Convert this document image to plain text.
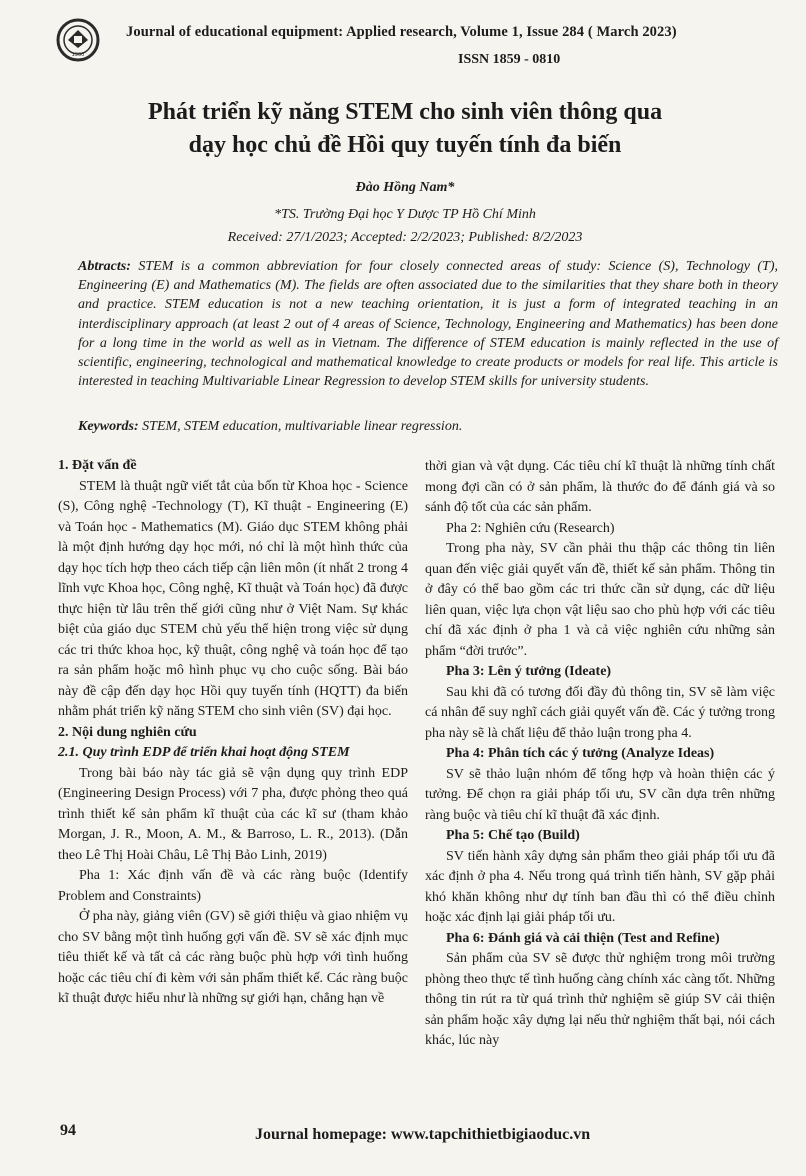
1900
Journal of educational equipment: Applied research, Volume 1, Issue 284 ( March 2023)
ISSN 1859 - 0810
Phát triển kỹ năng STEM cho sinh viên thông qua
dạy học chủ đề Hồi quy tuyến tính đa biến
Đào Hồng Nam*
*TS. Trường Đại học Y Dược TP Hồ Chí Minh
Received: 27/1/2023; Accepted: 2/2/2023; Published: 8/2/2023
Abtracts: STEM is a common abbreviation for four closely connected areas of study: Science (S), Technology (T), Engineering (E) and Mathematics (M). The fields are often associated due to the similarities that they share both in theory and practice. STEM education is not a new teaching orientation, it is just a form of integrated teaching in an interdisciplinary approach (at least 2 out of 4 areas of Science, Technology, Engineering and Mathematics) has been done for a long time in the world as well as in Vietnam. The difference of STEM education is mainly reflected in the use of scientific, engineering, technological and mathematical knowledge to create products or models for real life. This article is interested in teaching Multivariable Linear Regression to develop STEM skills for university students.
Keywords: STEM, STEM education, multivariable linear regression.

1. Đặt vấn đề

STEM là thuật ngữ viết tắt của bốn từ Khoa học - Science (S), Công nghệ -Technology (T), Kĩ thuật - Engineering (E) và Toán học - Mathematics (M). Giáo dục STEM không phải là một định hướng dạy học mới, nó chỉ là một hình thức của dạy học tích hợp theo cách tiếp cận liên môn (ít nhất 2 trong 4 lĩnh vực Khoa học, Công nghệ, Kĩ thuật và Toán học) đã được thực hiện từ lâu trên thế giới cũng như ở Việt Nam. Sự khác biệt của giáo dục STEM chủ yếu thể hiện trong việc sử dụng các tri thức khoa học, kỹ thuật, công nghệ và toán học để tạo ra sản phẩm hoặc mô hình phục vụ cho cuộc sống. Bài báo này đề cập đến dạy học Hồi quy tuyến tính (HQTT) đa biến nhằm phát triển kỹ năng STEM cho sinh viên (SV) đại học.

2. Nội dung nghiên cứu

2.1. Quy trình EDP để triển khai hoạt động STEM

Trong bài báo này tác giả sẽ vận dụng quy trình EDP (Engineering Design Process) với 7 pha, được phỏng theo quá trình thiết kế sản phẩm kĩ thuật của các kĩ sư (tham khảo Morgan, J. R., Moon, A. M., & Barroso, L. R., 2013). (Dẫn theo Lê Thị Hoài Châu, Lê Thị Bảo Linh, 2019)

Pha 1: Xác định vấn đề và các ràng buộc (Identify Problem and Constraints)

Ở pha này, giảng viên (GV) sẽ giới thiệu và giao nhiệm vụ cho SV bằng một tình huống gợi vấn đề. SV sẽ xác định mục tiêu thiết kế và tất cả các ràng buộc phù hợp với tình huống hoặc các tiêu chí đi kèm với sản phẩm thiết kế. Các ràng buộc kĩ thuật được hiểu như là những sự giới hạn, chẳng hạn về

thời gian và vật dụng. Các tiêu chí kĩ thuật là những tính chất mong đợi cần có ở sản phẩm, là thước đo để đánh giá và so sánh độ tốt của các sản phẩm.

Pha 2: Nghiên cứu (Research)

Trong pha này, SV cần phải thu thập các thông tin liên quan đến việc giải quyết vấn đề, thiết kế sản phẩm. Thông tin ở đây có thể bao gồm các tri thức cần sử dụng, các dữ liệu liên quan, việc lựa chọn vật liệu sao cho phù hợp với các tiêu chí đã xác định ở pha 1 và cả việc nghiên cứu những sản phẩm “đời trước”.

Pha 3: Lên ý tưởng (Ideate)

Sau khi đã có tương đối đầy đủ thông tin, SV sẽ làm việc cá nhân để suy nghĩ cách giải quyết vấn đề. Các ý tưởng trong pha này sẽ là chất liệu để thảo luận trong pha 4.

Pha 4: Phân tích các ý tưởng (Analyze Ideas)

SV sẽ thảo luận nhóm để tổng hợp và hoàn thiện các ý tưởng. Để chọn ra giải pháp tối ưu, SV cần dựa trên những ràng buộc và tiêu chí kĩ thuật đã xác định.

Pha 5: Chế tạo (Build)

SV tiến hành xây dựng sản phẩm theo giải pháp tối ưu đã xác định ở pha 4. Nếu trong quá trình tiến hành, SV gặp phải khó khăn không như dự tính ban đầu thì có thể điều chỉnh hoặc xác định lại giải pháp tối ưu.

Pha 6: Đánh giá và cải thiện (Test and Refine)

Sản phẩm của SV sẽ được thử nghiệm trong môi trường phòng theo thực tế tình huống càng chính xác càng tốt. Những thông tin rút ra từ quá trình thử nghiệm sẽ giúp SV cải thiện sản phẩm hoặc xây dựng lại nếu thử nghiệm thất bại, nói cách khác, lúc này

94	Journal homepage: www.tapchithietbigiaoduc.vn
